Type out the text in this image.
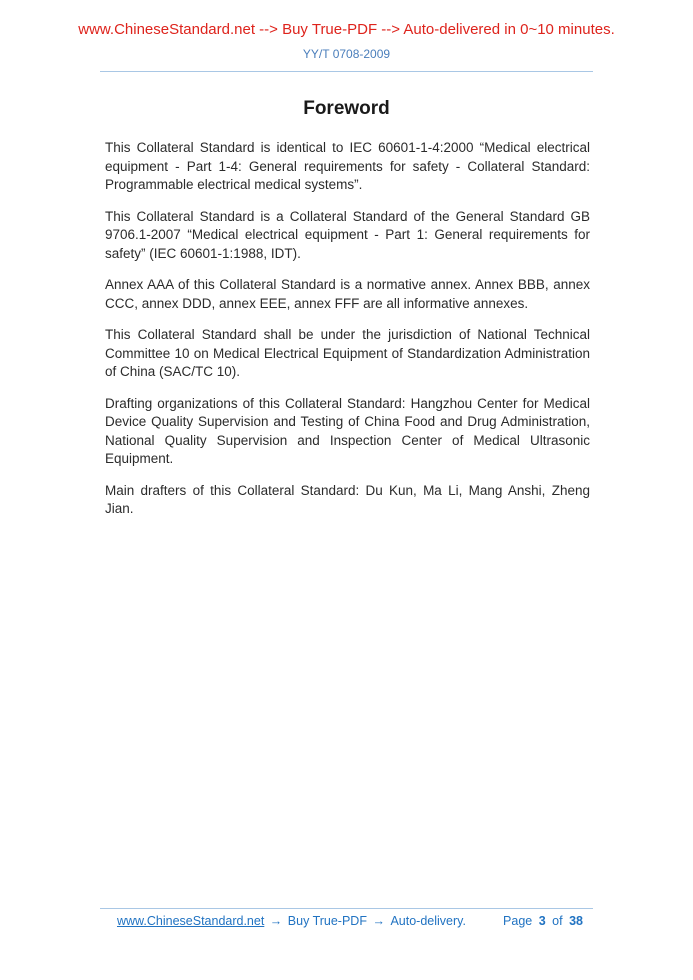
www.ChineseStandard.net --> Buy True-PDF --> Auto-delivered in 0~10 minutes.
YY/T 0708-2009
Foreword

This Collateral Standard is identical to IEC 60601-1-4:2000 “Medical electrical equipment - Part 1-4: General requirements for safety - Collateral Standard: Programmable electrical medical systems”.

This Collateral Standard is a Collateral Standard of the General Standard GB 9706.1-2007 “Medical electrical equipment - Part 1: General requirements for safety” (IEC 60601-1:1988, IDT).

Annex AAA of this Collateral Standard is a normative annex. Annex BBB, annex CCC, annex DDD, annex EEE, annex FFF are all informative annexes.

This Collateral Standard shall be under the jurisdiction of National Technical Committee 10 on Medical Electrical Equipment of Standardization Administration of China (SAC/TC 10).

Drafting organizations of this Collateral Standard: Hangzhou Center for Medical Device Quality Supervision and Testing of China Food and Drug Administration, National Quality Supervision and Inspection Center of Medical Ultrasonic Equipment.

Main drafters of this Collateral Standard: Du Kun, Ma Li, Mang Anshi, Zheng Jian.

www.ChineseStandard.net → Buy True-PDF → Auto-delivery.	Page 3 of 38
